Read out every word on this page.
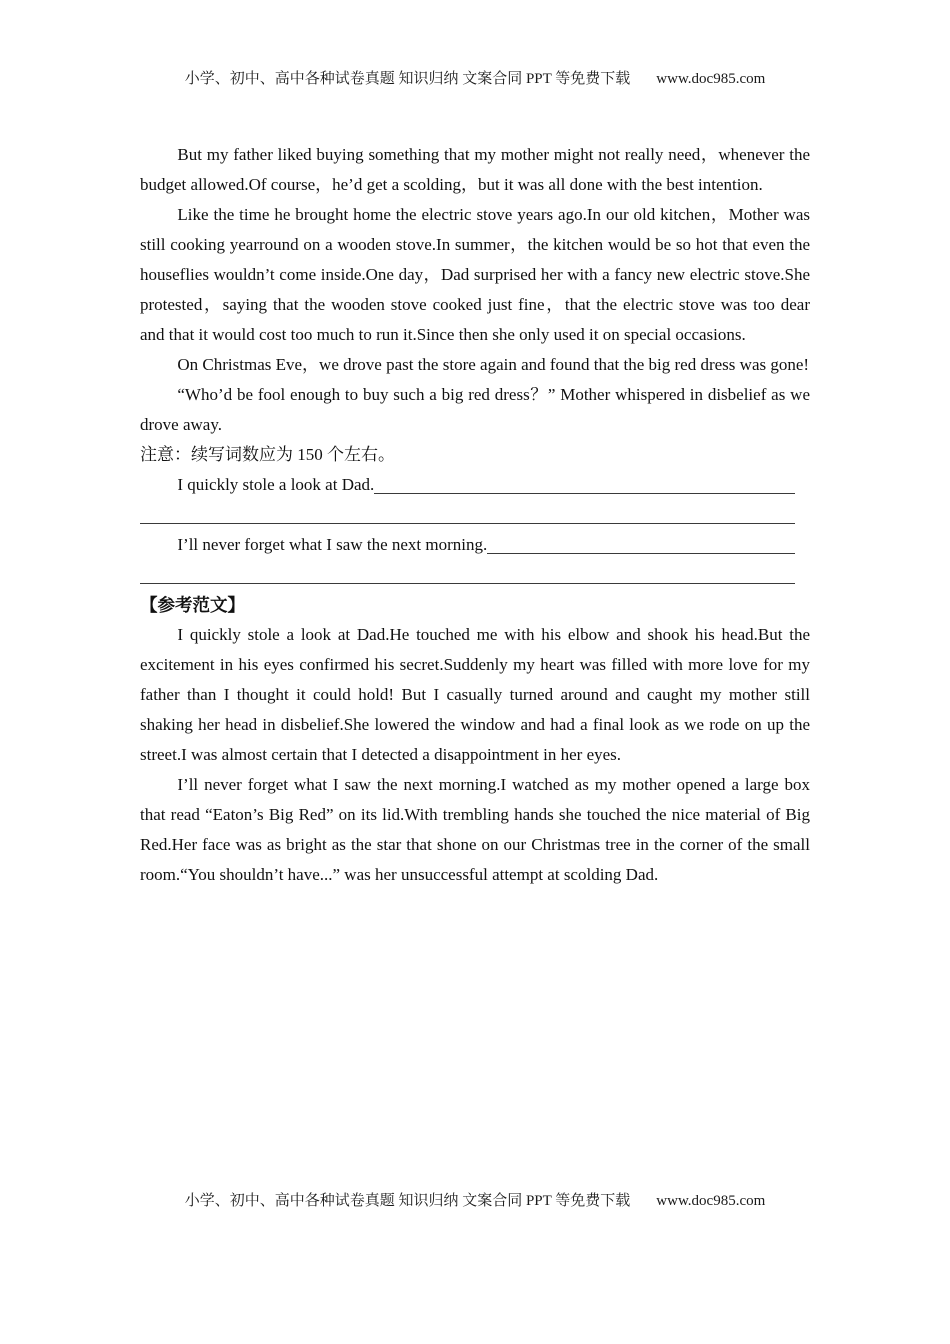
小学、初中、高中各种试卷真题 知识归纳 文案合同 PPT 等免费下载 www.doc985.com

But my father liked buying something that my mother might not really need，whenever the budget allowed.Of course，he’d get a scolding，but it was all done with the best intention.

Like the time he brought home the electric stove years ago.In our old kitchen，Mother was still cooking yearround on a wooden stove.In summer，the kitchen would be so hot that even the houseflies wouldn’t come inside.One day，Dad surprised her with a fancy new electric stove.She protested，saying that the wooden stove cooked just fine，that the electric stove was too dear and that it would cost too much to run it.Since then she only used it on special occasions.

On Christmas Eve，we drove past the store again and found that the big red dress was gone!

“Who’d be fool enough to buy such a big red dress？” Mother whispered in disbelief as we drove away.

注意：续写词数应为 150 个左右。

I quickly stole a look at Dad.
I’ll never forget what I saw the next morning.
【参考范文】

I quickly stole a look at Dad.He touched me with his elbow and shook his head.But the excitement in his eyes confirmed his secret.Suddenly my heart was filled with more love for my father than I thought it could hold! But I casually turned around and caught my mother still shaking her head in disbelief.She lowered the window and had a final look as we rode on up the street.I was almost certain that I detected a disappointment in her eyes.

I’ll never forget what I saw the next morning.I watched as my mother opened a large box that read “Eaton’s Big Red” on its lid.With trembling hands she touched the nice material of Big Red.Her face was as bright as the star that shone on our Christmas tree in the corner of the small room.“You shouldn’t have...” was her unsuccessful attempt at scolding Dad.

小学、初中、高中各种试卷真题 知识归纳 文案合同 PPT 等免费下载 www.doc985.com
